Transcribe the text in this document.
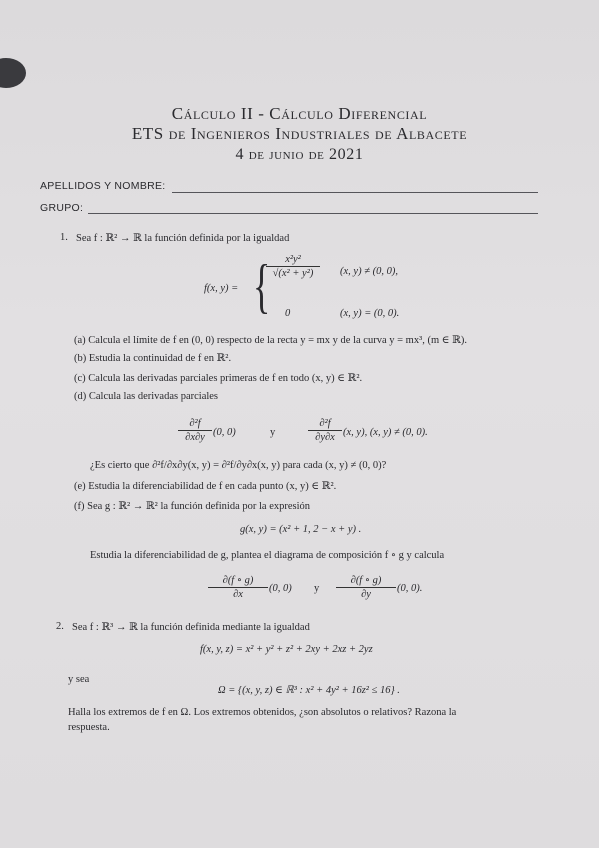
Cálculo II - Cálculo Diferencial
ETS de Ingenieros Industriales de Albacete
4 de junio de 2021
APELLIDOS Y NOMBRE:
GRUPO:
1. Sea f : ℝ² → ℝ la función definida por la igualdad
f(x, y) = {	x²y²
√(x² + y²)	(x, y) ≠ (0, 0),
0	(x, y) = (0, 0).
(a) Calcula el límite de f en (0, 0) respecto de la recta y = mx y de la curva y = mx³, (m ∈ ℝ).
(b) Estudia la continuidad de f en ℝ².
(c) Calcula las derivadas parciales primeras de f en todo (x, y) ∈ ℝ².
(d) Calcula las derivadas parciales
∂²f
∂x∂y (0, 0)	y
∂²f
∂y∂x (x, y), (x, y) ≠ (0, 0).
¿Es cierto que ∂²f/∂x∂y(x, y) = ∂²f/∂y∂x(x, y) para cada (x, y) ≠ (0, 0)?
(e) Estudia la diferenciabilidad de f en cada punto (x, y) ∈ ℝ².
(f) Sea g : ℝ² → ℝ² la función definida por la expresión
g(x, y) = (x² + 1, 2 − x + y) .
Estudia la diferenciabilidad de g, plantea el diagrama de composición f ∘ g y calcula
∂(f ∘ g)
∂x
(0, 0) y
∂(f ∘ g)
∂y
(0, 0).
2. Sea f : ℝ³ → ℝ la función definida mediante la igualdad
f(x, y, z) = x² + y² + z² + 2xy + 2xz + 2yz
y sea
Ω = {(x, y, z) ∈ ℝ³ : x² + 4y² + 16z² ≤ 16} .
Halla los extremos de f en Ω. Los extremos obtenidos, ¿son absolutos o relativos? Razona la
respuesta.
